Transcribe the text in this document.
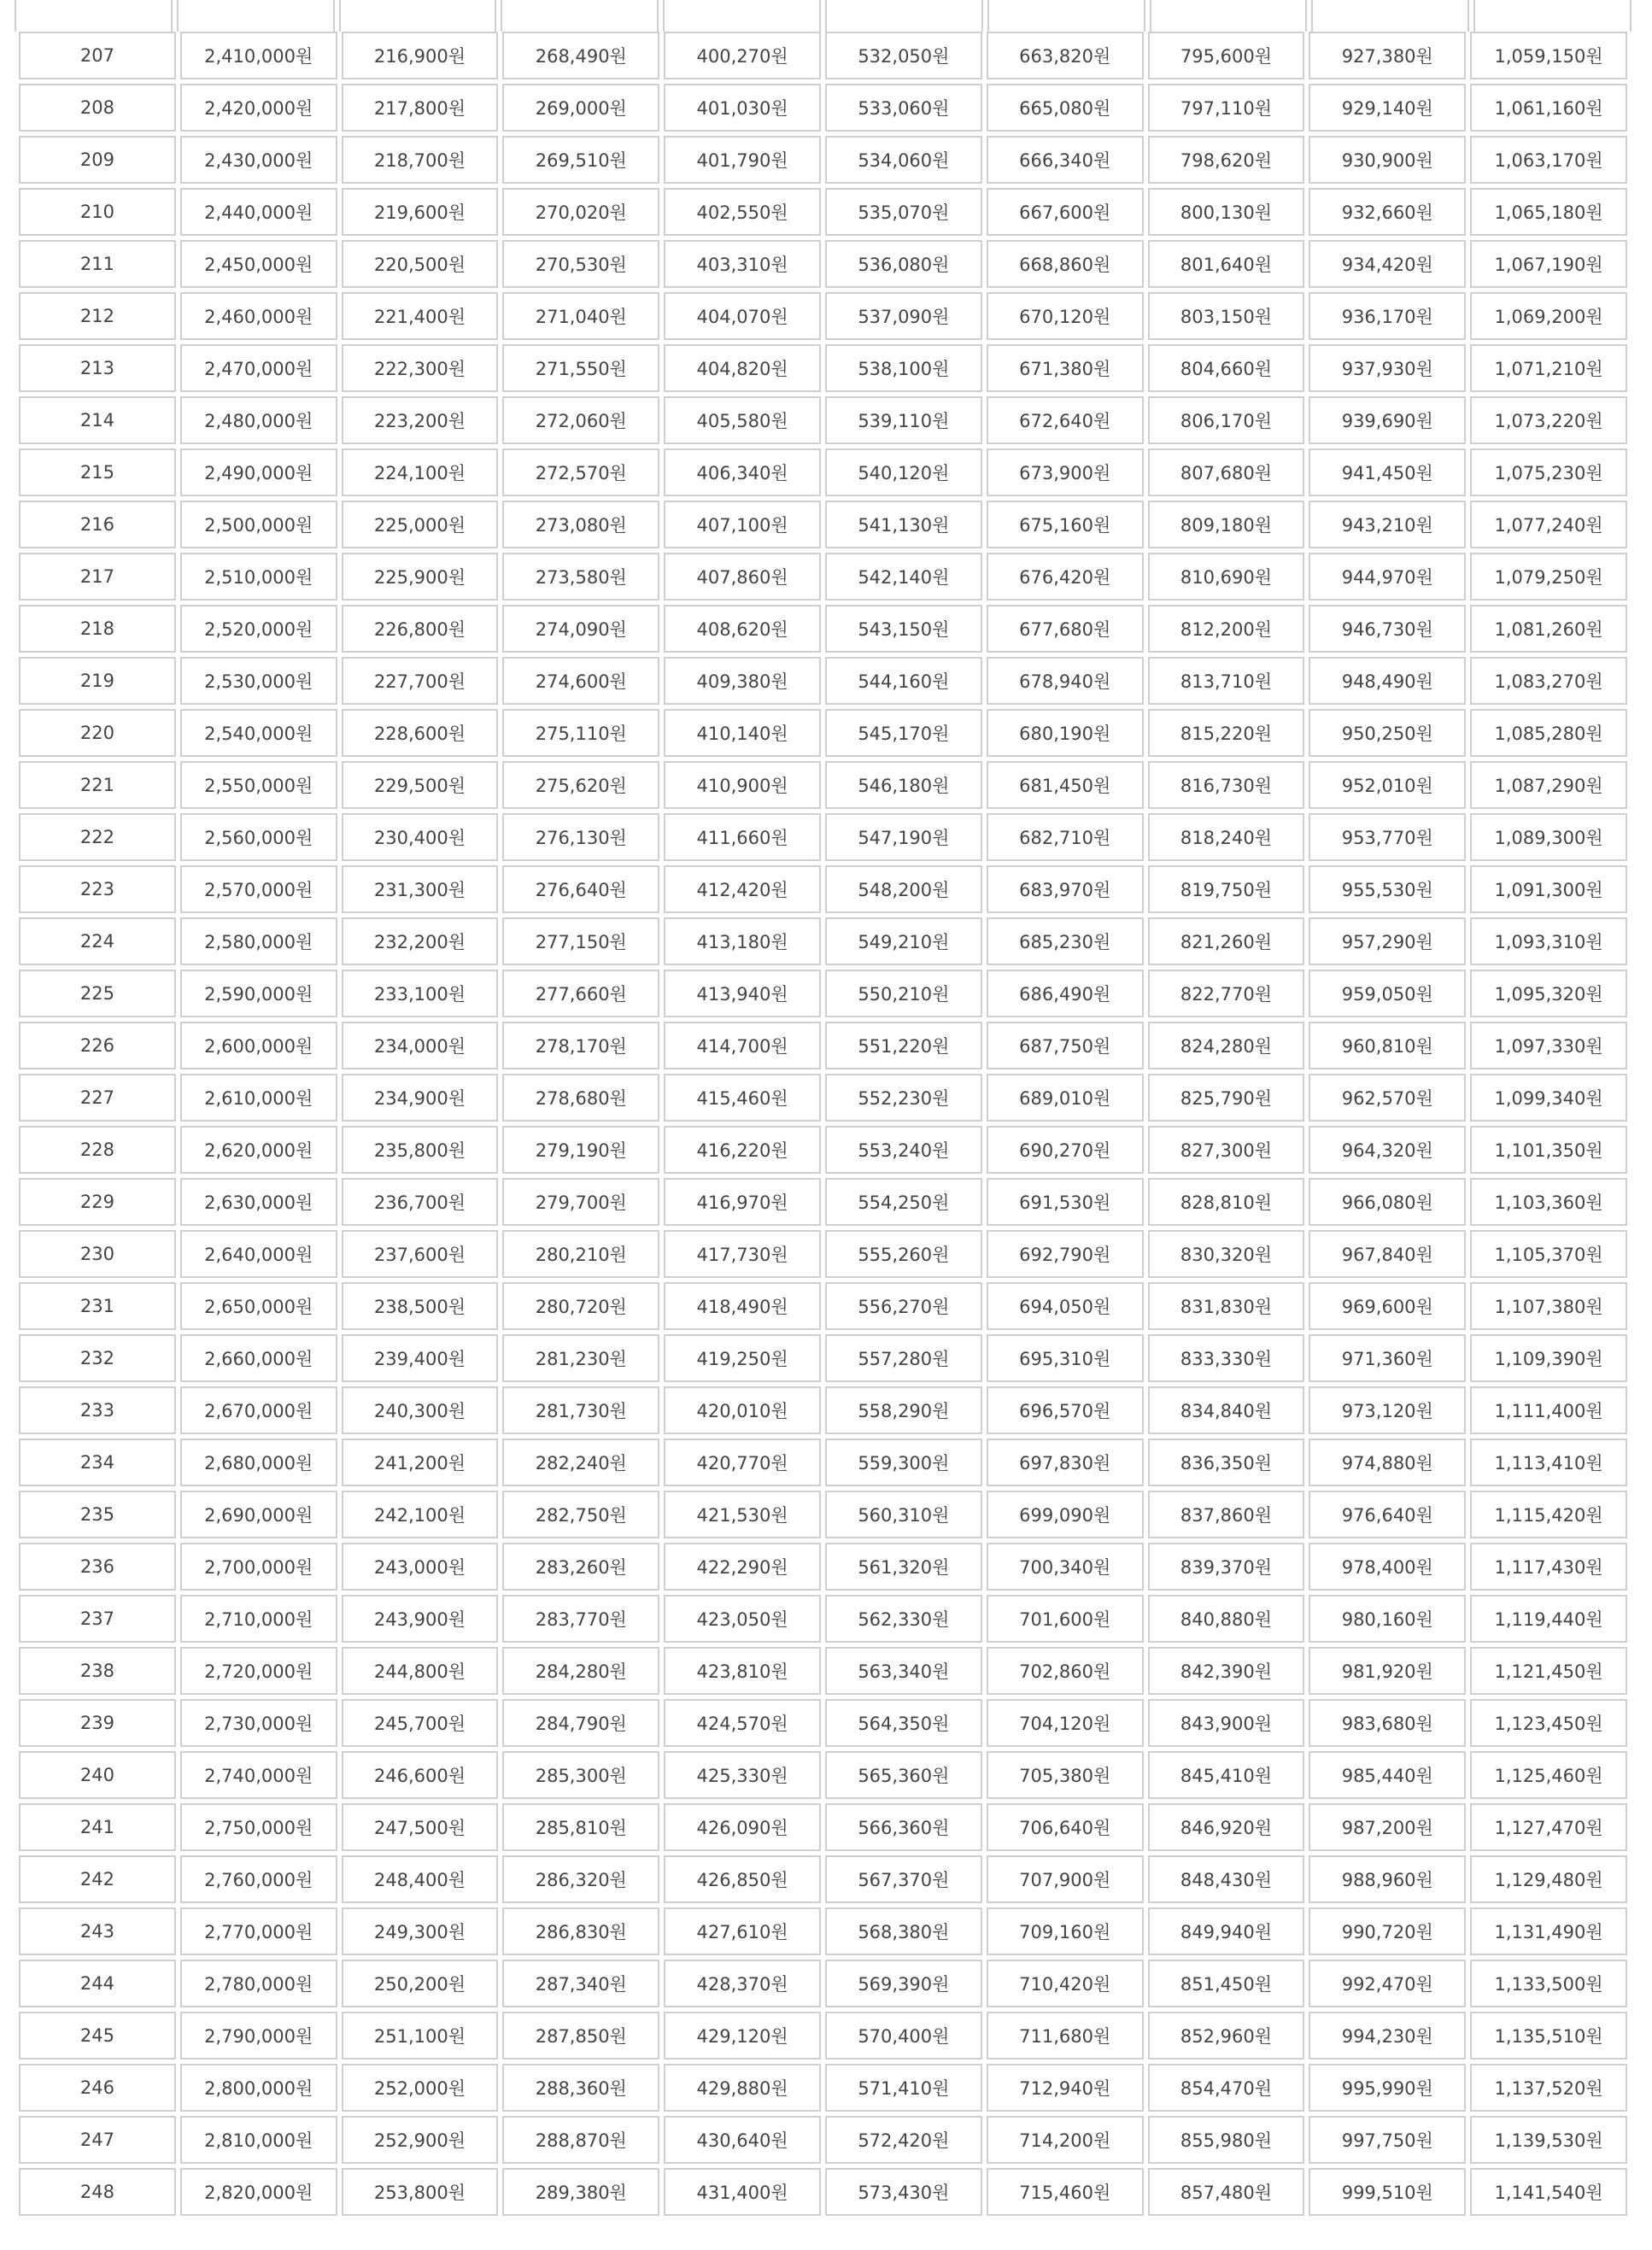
207	2,410,000원	216,900원	268,490원	400,270원	532,050원	663,820원	795,600원	927,380원	1,059,150원
208	2,420,000원	217,800원	269,000원	401,030원	533,060원	665,080원	797,110원	929,140원	1,061,160원
209	2,430,000원	218,700원	269,510원	401,790원	534,060원	666,340원	798,620원	930,900원	1,063,170원
210	2,440,000원	219,600원	270,020원	402,550원	535,070원	667,600원	800,130원	932,660원	1,065,180원
211	2,450,000원	220,500원	270,530원	403,310원	536,080원	668,860원	801,640원	934,420원	1,067,190원
212	2,460,000원	221,400원	271,040원	404,070원	537,090원	670,120원	803,150원	936,170원	1,069,200원
213	2,470,000원	222,300원	271,550원	404,820원	538,100원	671,380원	804,660원	937,930원	1,071,210원
214	2,480,000원	223,200원	272,060원	405,580원	539,110원	672,640원	806,170원	939,690원	1,073,220원
215	2,490,000원	224,100원	272,570원	406,340원	540,120원	673,900원	807,680원	941,450원	1,075,230원
216	2,500,000원	225,000원	273,080원	407,100원	541,130원	675,160원	809,180원	943,210원	1,077,240원
217	2,510,000원	225,900원	273,580원	407,860원	542,140원	676,420원	810,690원	944,970원	1,079,250원
218	2,520,000원	226,800원	274,090원	408,620원	543,150원	677,680원	812,200원	946,730원	1,081,260원
219	2,530,000원	227,700원	274,600원	409,380원	544,160원	678,940원	813,710원	948,490원	1,083,270원
220	2,540,000원	228,600원	275,110원	410,140원	545,170원	680,190원	815,220원	950,250원	1,085,280원
221	2,550,000원	229,500원	275,620원	410,900원	546,180원	681,450원	816,730원	952,010원	1,087,290원
222	2,560,000원	230,400원	276,130원	411,660원	547,190원	682,710원	818,240원	953,770원	1,089,300원
223	2,570,000원	231,300원	276,640원	412,420원	548,200원	683,970원	819,750원	955,530원	1,091,300원
224	2,580,000원	232,200원	277,150원	413,180원	549,210원	685,230원	821,260원	957,290원	1,093,310원
225	2,590,000원	233,100원	277,660원	413,940원	550,210원	686,490원	822,770원	959,050원	1,095,320원
226	2,600,000원	234,000원	278,170원	414,700원	551,220원	687,750원	824,280원	960,810원	1,097,330원
227	2,610,000원	234,900원	278,680원	415,460원	552,230원	689,010원	825,790원	962,570원	1,099,340원
228	2,620,000원	235,800원	279,190원	416,220원	553,240원	690,270원	827,300원	964,320원	1,101,350원
229	2,630,000원	236,700원	279,700원	416,970원	554,250원	691,530원	828,810원	966,080원	1,103,360원
230	2,640,000원	237,600원	280,210원	417,730원	555,260원	692,790원	830,320원	967,840원	1,105,370원
231	2,650,000원	238,500원	280,720원	418,490원	556,270원	694,050원	831,830원	969,600원	1,107,380원
232	2,660,000원	239,400원	281,230원	419,250원	557,280원	695,310원	833,330원	971,360원	1,109,390원
233	2,670,000원	240,300원	281,730원	420,010원	558,290원	696,570원	834,840원	973,120원	1,111,400원
234	2,680,000원	241,200원	282,240원	420,770원	559,300원	697,830원	836,350원	974,880원	1,113,410원
235	2,690,000원	242,100원	282,750원	421,530원	560,310원	699,090원	837,860원	976,640원	1,115,420원
236	2,700,000원	243,000원	283,260원	422,290원	561,320원	700,340원	839,370원	978,400원	1,117,430원
237	2,710,000원	243,900원	283,770원	423,050원	562,330원	701,600원	840,880원	980,160원	1,119,440원
238	2,720,000원	244,800원	284,280원	423,810원	563,340원	702,860원	842,390원	981,920원	1,121,450원
239	2,730,000원	245,700원	284,790원	424,570원	564,350원	704,120원	843,900원	983,680원	1,123,450원
240	2,740,000원	246,600원	285,300원	425,330원	565,360원	705,380원	845,410원	985,440원	1,125,460원
241	2,750,000원	247,500원	285,810원	426,090원	566,360원	706,640원	846,920원	987,200원	1,127,470원
242	2,760,000원	248,400원	286,320원	426,850원	567,370원	707,900원	848,430원	988,960원	1,129,480원
243	2,770,000원	249,300원	286,830원	427,610원	568,380원	709,160원	849,940원	990,720원	1,131,490원
244	2,780,000원	250,200원	287,340원	428,370원	569,390원	710,420원	851,450원	992,470원	1,133,500원
245	2,790,000원	251,100원	287,850원	429,120원	570,400원	711,680원	852,960원	994,230원	1,135,510원
246	2,800,000원	252,000원	288,360원	429,880원	571,410원	712,940원	854,470원	995,990원	1,137,520원
247	2,810,000원	252,900원	288,870원	430,640원	572,420원	714,200원	855,980원	997,750원	1,139,530원
248	2,820,000원	253,800원	289,380원	431,400원	573,430원	715,460원	857,480원	999,510원	1,141,540원
